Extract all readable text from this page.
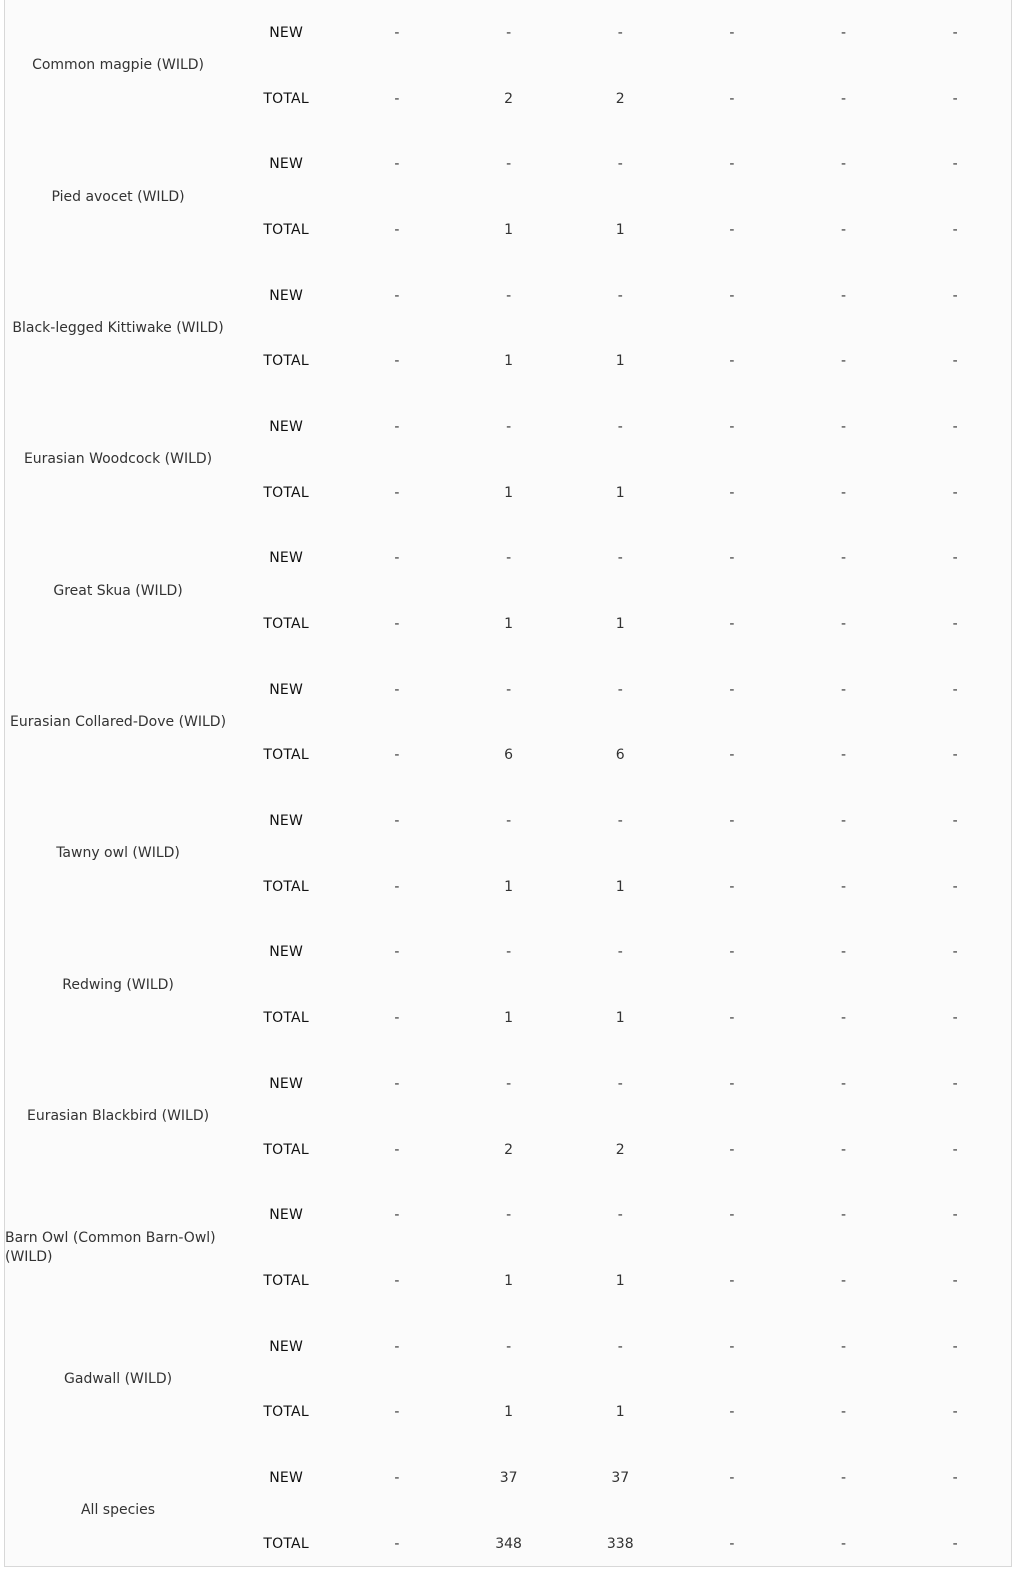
Common magpie (WILD)	NEW	-	-	-	-	-	-
	TOTAL	-	2	2	-	-	-
Pied avocet (WILD)	NEW	-	-	-	-	-	-
	TOTAL	-	1	1	-	-	-
Black-legged Kittiwake (WILD)	NEW	-	-	-	-	-	-
	TOTAL	-	1	1	-	-	-
Eurasian Woodcock (WILD)	NEW	-	-	-	-	-	-
	TOTAL	-	1	1	-	-	-
Great Skua (WILD)	NEW	-	-	-	-	-	-
	TOTAL	-	1	1	-	-	-
Eurasian Collared-Dove (WILD)	NEW	-	-	-	-	-	-
	TOTAL	-	6	6	-	-	-
Tawny owl (WILD)	NEW	-	-	-	-	-	-
	TOTAL	-	1	1	-	-	-
Redwing (WILD)	NEW	-	-	-	-	-	-
	TOTAL	-	1	1	-	-	-
Eurasian Blackbird (WILD)	NEW	-	-	-	-	-	-
	TOTAL	-	2	2	-	-	-
Barn Owl (Common Barn-Owl) (WILD)	NEW	-	-	-	-	-	-
	TOTAL	-	1	1	-	-	-
Gadwall (WILD)	NEW	-	-	-	-	-	-
	TOTAL	-	1	1	-	-	-
All species	NEW	-	37	37	-	-	-
	TOTAL	-	348	338	-	-	-
